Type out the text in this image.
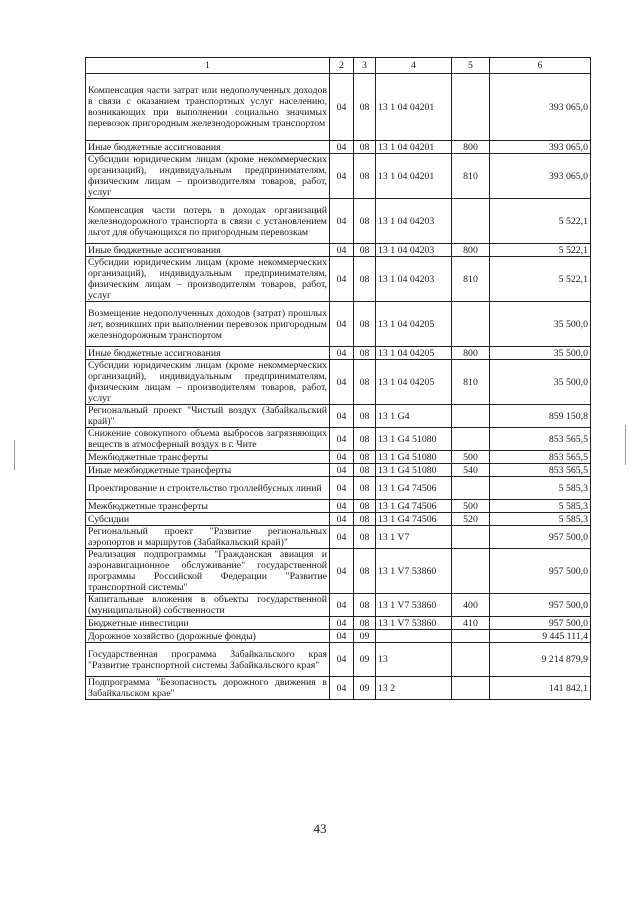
1	2	3	4	5	6
Компенсация части затрат или недополученных доходов в связи с оказанием транспортных услуг населению, возникающих при выполнении социально значимых перевозок пригородным железнодорожным транспортом	04	08	13 1 04 04201		393 065,0
Иные бюджетные ассигнования	04	08	13 1 04 04201	800	393 065,0
Субсидии юридическим лицам (кроме некоммерческих организаций), индивидуальным предпринимателям, физическим лицам – производителям товаров, работ, услуг	04	08	13 1 04 04201	810	393 065,0
Компенсация части потерь в доходах организаций железнодорожного транспорта в связи с установлением льгот для обучающихся по пригородным перевозкам	04	08	13 1 04 04203		5 522,1
Иные бюджетные ассигнования	04	08	13 1 04 04203	800	5 522,1
Субсидии юридическим лицам (кроме некоммерческих организаций), индивидуальным предпринимателям, физическим лицам – производителям товаров, работ, услуг	04	08	13 1 04 04203	810	5 522,1
Возмещение недополученных доходов (затрат) прошлых лет, возникших при выполнении перевозок пригородным железнодорожным транспортом	04	08	13 1 04 04205		35 500,0
Иные бюджетные ассигнования	04	08	13 1 04 04205	800	35 500,0
Субсидии юридическим лицам (кроме некоммерческих организаций), индивидуальным предпринимателям, физическим лицам – производителям товаров, работ, услуг	04	08	13 1 04 04205	810	35 500,0
Региональный проект "Чистый воздух (Забайкальский край)"	04	08	13 1 G4		859 150,8
Снижение совокупного объема выбросов загрязняющих веществ в атмосферный воздух в г. Чите	04	08	13 1 G4 51080		853 565,5
Межбюджетные трансферты	04	08	13 1 G4 51080	500	853 565,5
Иные межбюджетные трансферты	04	08	13 1 G4 51080	540	853 565,5
Проектирование и строительство троллейбусных линий	04	08	13 1 G4 74506		5 585,3
Межбюджетные трансферты	04	08	13 1 G4 74506	500	5 585,3
Субсидии	04	08	13 1 G4 74506	520	5 585,3
Региональный проект "Развитие региональных аэропортов и маршрутов (Забайкальский край)"	04	08	13 1 V7		957 500,0
Реализация подпрограммы "Гражданская авиация и аэронавигационное обслуживание" государственной программы Российской Федерации "Развитие транспортной системы"	04	08	13 1 V7 53860		957 500,0
Капитальные вложения в объекты государственной (муниципальной) собственности	04	08	13 1 V7 53860	400	957 500,0
Бюджетные инвестиции	04	08	13 1 V7 53860	410	957 500,0
Дорожное хозяйство (дорожные фонды)	04	09			9 445 111,4
Государственная программа Забайкальского края "Развитие транспортной системы Забайкальского края"	04	09	13		9 214 879,9
Подпрограмма "Безопасность дорожного движения в Забайкальском крае"	04	09	13 2		141 842,1
43
